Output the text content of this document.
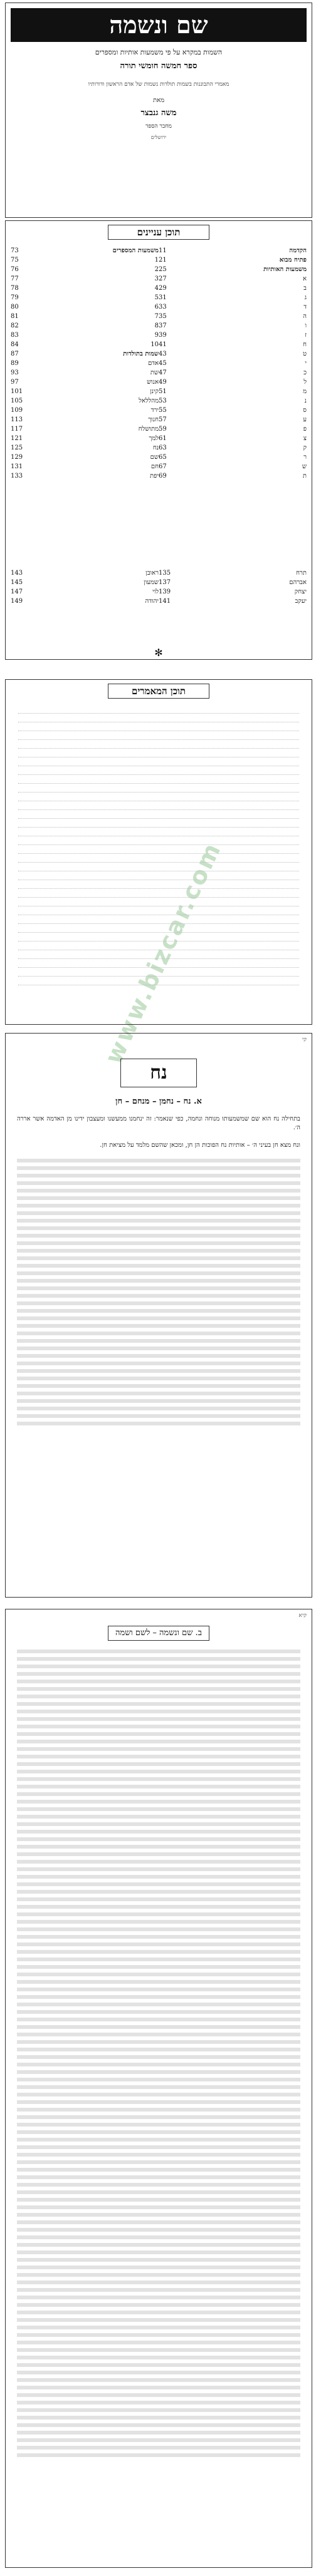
www.bizcar.com
שם ונשמה
השמות במקרא על פי משמעות אותיות ומספרים
ספר חמשה חומשי תורה
מאמרי התבוננות בשמות תולדות נשמות של אדם הראשון ודורותיו
מאת
משה גנבצר
מחבר הספר
ירושלים
תוכן עניינים
הקדמה
11
פתיח מבוא
21
משמעות האותיות
25
א
27
ב
29
ג
31
ד
33
ה
35
ו
37
ז
39
ח
41
ט
43
י
45
כ
47
ל
49
מ
51
נ
53
ס
55
ע
57
פ
59
צ
61
ק
63
ר
65
ש
67
ת
69
משמעות המספרים
73
1
75
2
76
3
77
4
78
5
79
6
80
7
81
8
82
9
83
10
84
שמות בתולדות
87
אדם
89
שת
93
אנוש
97
קינן
101
מהללאל
105
ירד
109
חנוך
113
מתושלח
117
למך
121
נח
125
שם
129
חם
131
יפת
133
תרח
135
אברהם
137
יצחק
139
יעקב
141
ראובן
143
שמעון
145
לוי
147
יהודה
149
✻
תוכן המאמרים
קי
נח
א. נח – נחמן – מנחם – חן
בתחילה נח הוא שם שמשמעותו מנוחה ונחמה, כפי שנאמר: זה ינחמנו ממעשנו ומעצבון ידינו מן האדמה אשר אררה ה׳.
ונח מצא חן בעיני ה׳ – אותיות נח הפוכות הן חן, ומכאן שהשם מלמד על מציאת חן.
קיא
ב. שם ונשמה – לשם ושמה
